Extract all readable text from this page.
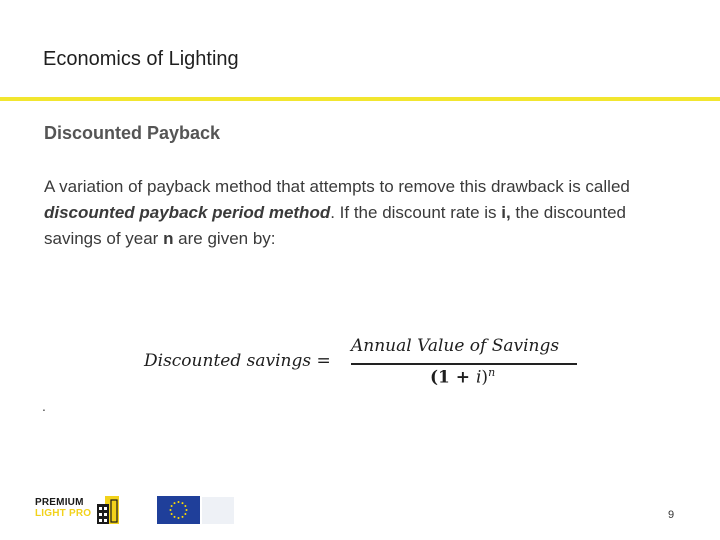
Economics of Lighting
Discounted Payback
A variation of payback method that attempts to remove this drawback is called discounted payback period method. If the discount rate is i, the discounted savings of year n are given by:
Discounted savings =
Annual Value of Savings
$(1 + i)^n$
.
PREMIUM
LIGHT PRO	9
